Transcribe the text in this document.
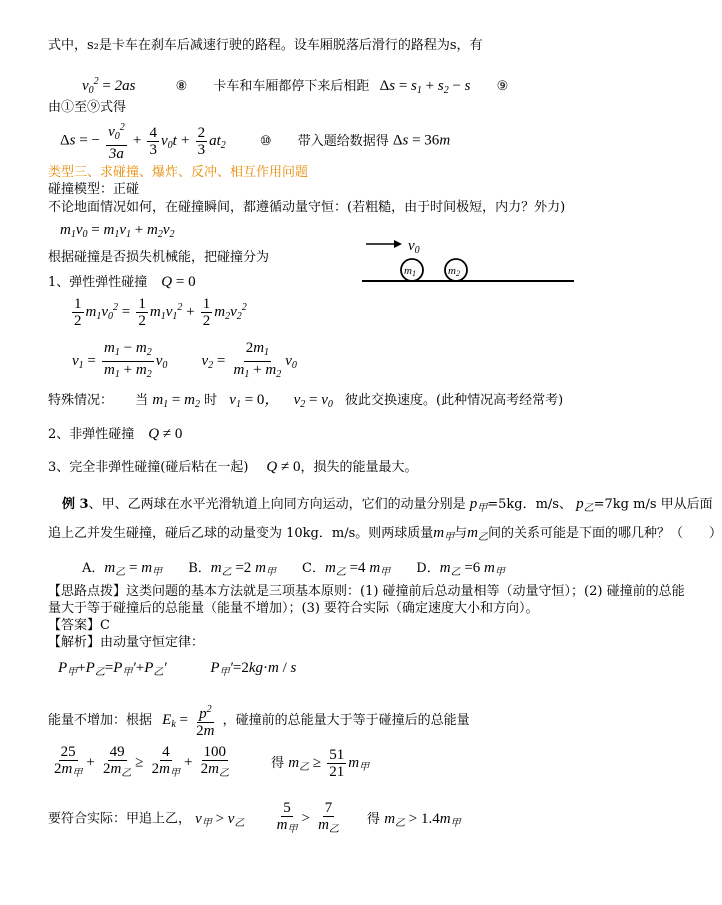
式中，s₂是卡车在刹车后减速行驶的路程。设车厢脱落后滑行的路程为s，有
$v_0^2 = 2as$	⑧ 卡车和车厢都停下来后相距 $\Delta s = s_1 + s_2 - s$ ⑨
由①至⑨式得
Δs = − $\frac{v_0^2}{3a} + \frac{4}{3} v_0t + \frac{2}{3} at_2$	⑩ 带入题给数据得 Δs = 36m
类型三、求碰撞、爆炸、反冲、相互作用问题
碰撞模型：正碰
不论地面情况如何，在碰撞瞬间，都遵循动量守恒：(若粗糙，由于时间极短，内力？外力)
$m_1v_0 = m_1v_1 + m_2v_2$
根据碰撞是否损失机械能，把碰撞分为
$v_0$
m1	m2
1、弹性弹性碰撞 Q = 0
$\frac{1}{2} m_1v_0^2 = \frac{1}{2} m_1v_1^2 + \frac{1}{2} m_2v_2^2$
$v_1 = \frac{m_1 - m_2}{m_1 + m_2} v_0$ $v_2 = \frac{2m_1}{m_1 + m_2} v_0$
特殊情况： 当 $m_1 = m_2$ 时 $v_1 = 0$， $v_2 = v_0$ 彼此交换速度。(此种情况高考经常考)
2、非弹性碰撞 Q ≠ 0
3、完全非弹性碰撞(碰后粘在一起) Q ≠ 0，损失的能量最大。
例 3、甲、乙两球在水平光滑轨道上向同方向运动，它们的动量分别是 $p_甲=5kg$．m/s、 $p_乙=7kg$ m/s 甲从后面
追上乙并发生碰撞，碰后乙球的动量变为 10kg．m/s。则两球质量$m_甲$与$m_乙$间的关系可能是下面的哪几种？（　　）
A．$m_乙 = m_甲$ B．$m_乙 =2$ $m_甲$ C．$m_乙 =4$ $m_甲$ D．$m_乙 =6$ $m_甲$
【思路点拨】这类问题的基本方法就是三项基本原则：(1) 碰撞前后总动量相等（动量守恒）；(2) 碰撞前的总能
量大于等于碰撞后的总能量（能量不增加）；(3) 要符合实际（确定速度大小和方向）。
【答案】C
【解析】由动量守恒定律：
$P_甲+P_乙=P_甲'+P_乙'$	$P_甲'=2kg\cdot m / s$
能量不增加：根据 $E_k = \frac{p^2}{2m}$ ，碰撞前的总能量大于等于碰撞后的总能量
$\frac{25}{2m_甲} + \frac{49}{2m_乙} \ge \frac{4}{2m_甲} + \frac{100}{2m_乙}$	得 $m_乙 \ge \frac{51}{21} m_甲$
要符合实际：甲追上乙， $v_甲 > v_乙 \frac{5}{m_甲} > \frac{7}{m_乙}$ 得 $m_乙 > 1.4m_甲$
